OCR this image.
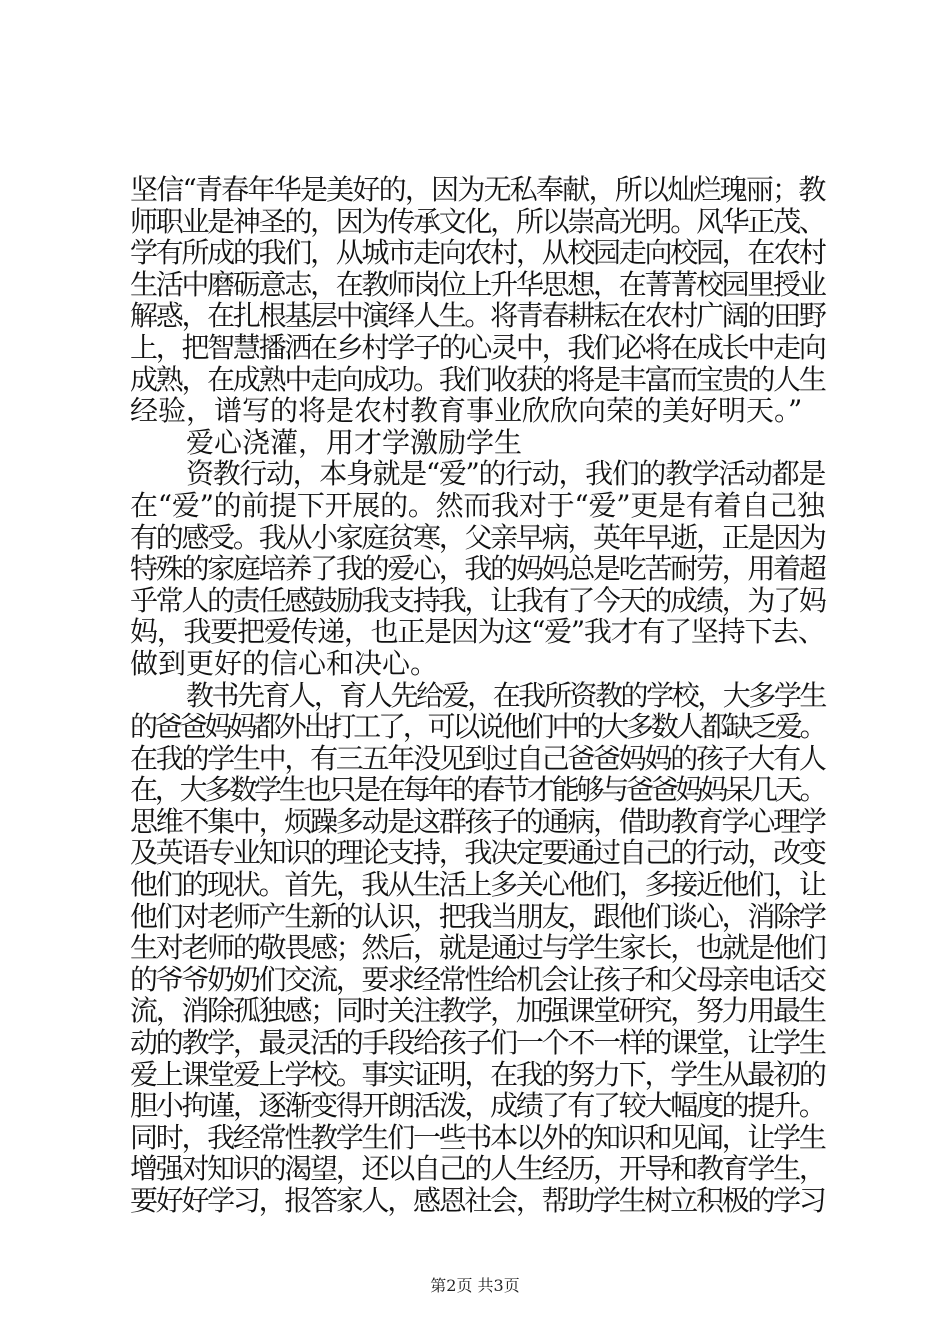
坚信“青春年华是美好的，因为无私奉献，所以灿烂瑰丽；教
师职业是神圣的，因为传承文化，所以崇高光明。风华正茂、
学有所成的我们，从城市走向农村，从校园走向校园，在农村
生活中磨砺意志，在教师岗位上升华思想，在菁菁校园里授业
解惑，在扎根基层中演绎人生。将青春耕耘在农村广阔的田野
上，把智慧播洒在乡村学子的心灵中，我们必将在成长中走向
成熟，在成熟中走向成功。我们收获的将是丰富而宝贵的人生
经验，谱写的将是农村教育事业欣欣向荣的美好明天。”
爱心浇灌，用才学激励学生
资教行动，本身就是“爱”的行动，我们的教学活动都是
在“爱”的前提下开展的。然而我对于“爱”更是有着自己独
有的感受。我从小家庭贫寒，父亲早病，英年早逝，正是因为
特殊的家庭培养了我的爱心，我的妈妈总是吃苦耐劳，用着超
乎常人的责任感鼓励我支持我，让我有了今天的成绩，为了妈
妈，我要把爱传递，也正是因为这“爱”我才有了坚持下去、
做到更好的信心和决心。
教书先育人，育人先给爱，在我所资教的学校，大多学生
的爸爸妈妈都外出打工了，可以说他们中的大多数人都缺乏爱。
在我的学生中，有三五年没见到过自己爸爸妈妈的孩子大有人
在，大多数学生也只是在每年的春节才能够与爸爸妈妈呆几天。
思维不集中，烦躁多动是这群孩子的通病，借助教育学心理学
及英语专业知识的理论支持，我决定要通过自己的行动，改变
他们的现状。首先，我从生活上多关心他们，多接近他们，让
他们对老师产生新的认识，把我当朋友，跟他们谈心，消除学
生对老师的敬畏感；然后，就是通过与学生家长，也就是他们
的爷爷奶奶们交流，要求经常性给机会让孩子和父母亲电话交
流，消除孤独感；同时关注教学，加强课堂研究，努力用最生
动的教学，最灵活的手段给孩子们一个不一样的课堂，让学生
爱上课堂爱上学校。事实证明，在我的努力下，学生从最初的
胆小拘谨，逐渐变得开朗活泼，成绩了有了较大幅度的提升。
同时，我经常性教学生们一些书本以外的知识和见闻，让学生
增强对知识的渴望，还以自己的人生经历，开导和教育学生，
要好好学习，报答家人，感恩社会，帮助学生树立积极的学习
第2页 共3页
